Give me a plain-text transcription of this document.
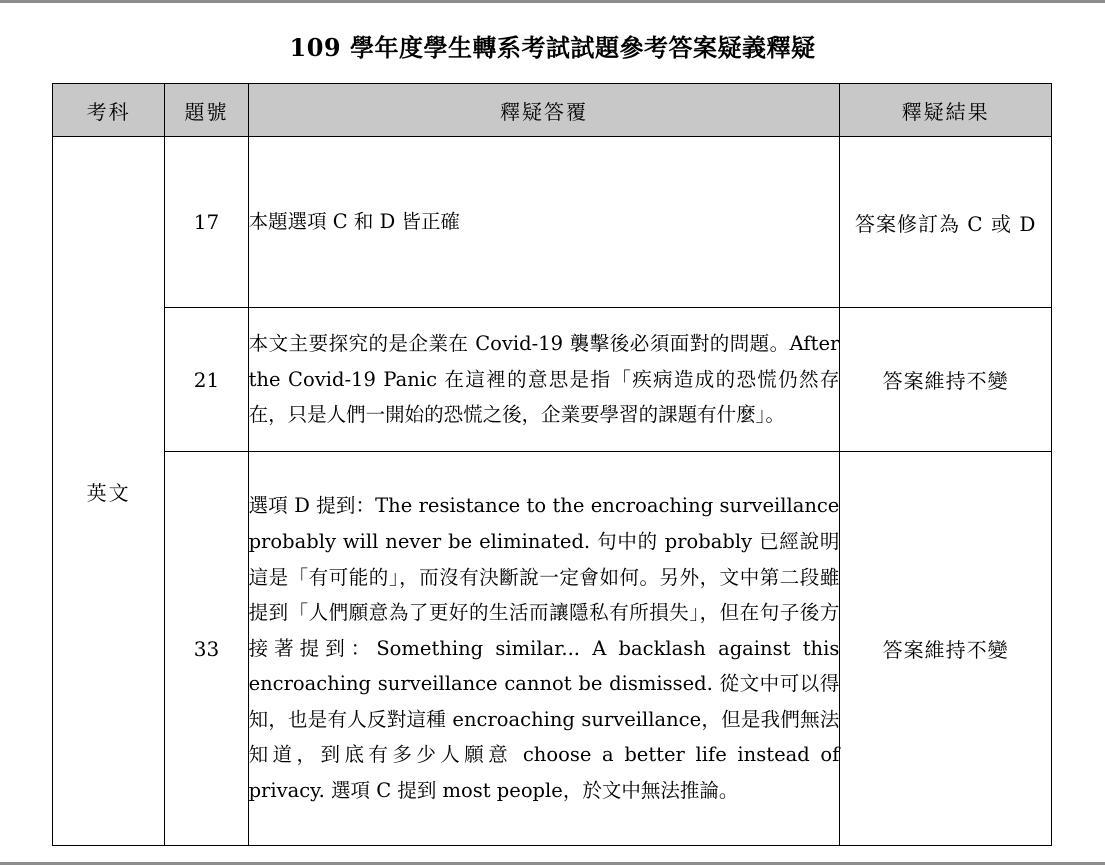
109 學年度學生轉系考試試題參考答案疑義釋疑
考科	題號	釋疑答覆	釋疑結果
英文	17	本題選項 C 和 D 皆正確	答案修訂為 C 或 D
	21	本文主要探究的是企業在 Covid-19 襲擊後必須面對的問題。After the Covid-19 Panic 在這裡的意思是指「疾病造成的恐慌仍然存在，只是人們一開始的恐慌之後，企業要學習的課題有什麼」。	答案維持不變
	33	選項 D 提到：The resistance to the encroaching surveillance probably will never be eliminated. 句中的 probably 已經說明這是「有可能的」，而沒有決斷說一定會如何。另外，文中第二段雖提到「人們願意為了更好的生活而讓隱私有所損失」，但在句子後方接著提到：Something similar... A backlash against this encroaching surveillance cannot be dismissed. 從文中可以得知，也是有人反對這種 encroaching surveillance，但是我們無法知道，到底有多少人願意 choose a better life instead of privacy. 選項 C 提到 most people，於文中無法推論。	答案維持不變
